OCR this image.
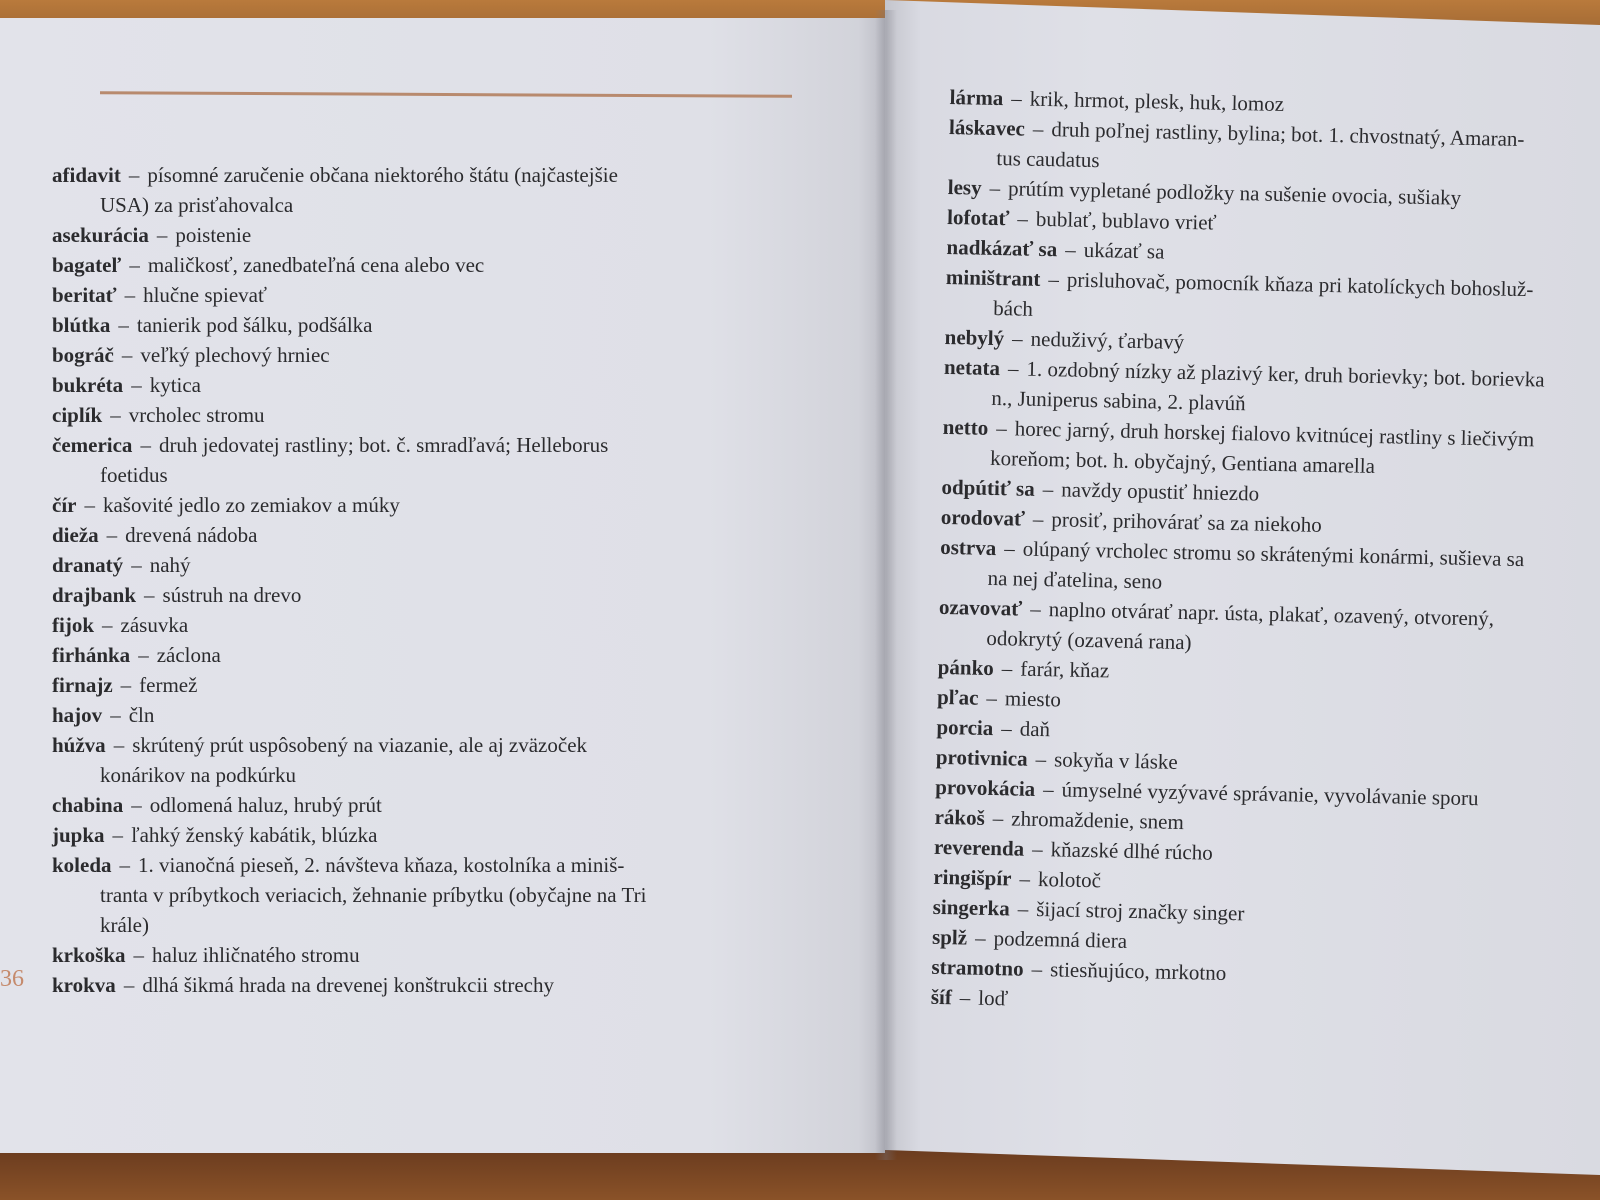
36

afidavit – písomné zaručenie občana niektorého štátu (najčastejšie
USA) za prisťahovalca

asekurácia – poistenie

bagateľ – maličkosť, zanedbateľná cena alebo vec

beritať – hlučne spievať

blútka – tanierik pod šálku, podšálka

bográč – veľký plechový hrniec

bukréta – kytica

ciplík – vrcholec stromu

čemerica – druh jedovatej rastliny; bot. č. smradľavá; Helleborus
foetidus

čír – kašovité jedlo zo zemiakov a múky

dieža – drevená nádoba

dranatý – nahý

drajbank – sústruh na drevo

fijok – zásuvka

firhánka – záclona

firnajz – fermež

hajov – čln

húžva – skrútený prút uspôsobený na viazanie, ale aj zväzoček
konárikov na podkúrku

chabina – odlomená haluz, hrubý prút

jupka – ľahký ženský kabátik, blúzka

koleda – 1. vianočná pieseň, 2. návšteva kňaza, kostolníka a miniš-
tranta v príbytkoch veriacich, žehnanie príbytku (obyčajne na Tri
krále)

krkoška – haluz ihličnatého stromu

krokva – dlhá šikmá hrada na drevenej konštrukcii strechy

lárma – krik, hrmot, plesk, huk, lomoz

láskavec – druh poľnej rastliny, bylina; bot. 1. chvostnatý, Amaran-
tus caudatus

lesy – prútím vypletané podložky na sušenie ovocia, sušiaky

lofotať – bublať, bublavo vrieť

nadkázať sa – ukázať sa

miništrant – prisluhovač, pomocník kňaza pri katolíckych bohosluž-
bách

nebylý – neduživý, ťarbavý

netata – 1. ozdobný nízky až plazivý ker, druh borievky; bot. borievka
n., Juniperus sabina, 2. plavúň

netto – horec jarný, druh horskej fialovo kvitnúcej rastliny s liečivým
koreňom; bot. h. obyčajný, Gentiana amarella

odpútiť sa – navždy opustiť hniezdo

orodovať – prosiť, prihovárať sa za niekoho

ostrva – olúpaný vrcholec stromu so skrátenými konármi, sušieva sa
na nej ďatelina, seno

ozavovať – naplno otvárať napr. ústa, plakať, ozavený, otvorený,
odokrytý (ozavená rana)

pánko – farár, kňaz

pľac – miesto

porcia – daň

protivnica – sokyňa v láske

provokácia – úmyselné vyzývavé správanie, vyvolávanie sporu

rákoš – zhromaždenie, snem

reverenda – kňazské dlhé rúcho

ringišpír – kolotoč

singerka – šijací stroj značky singer

splž – podzemná diera

stramotno – stiesňujúco, mrkotno

šíf – loď
